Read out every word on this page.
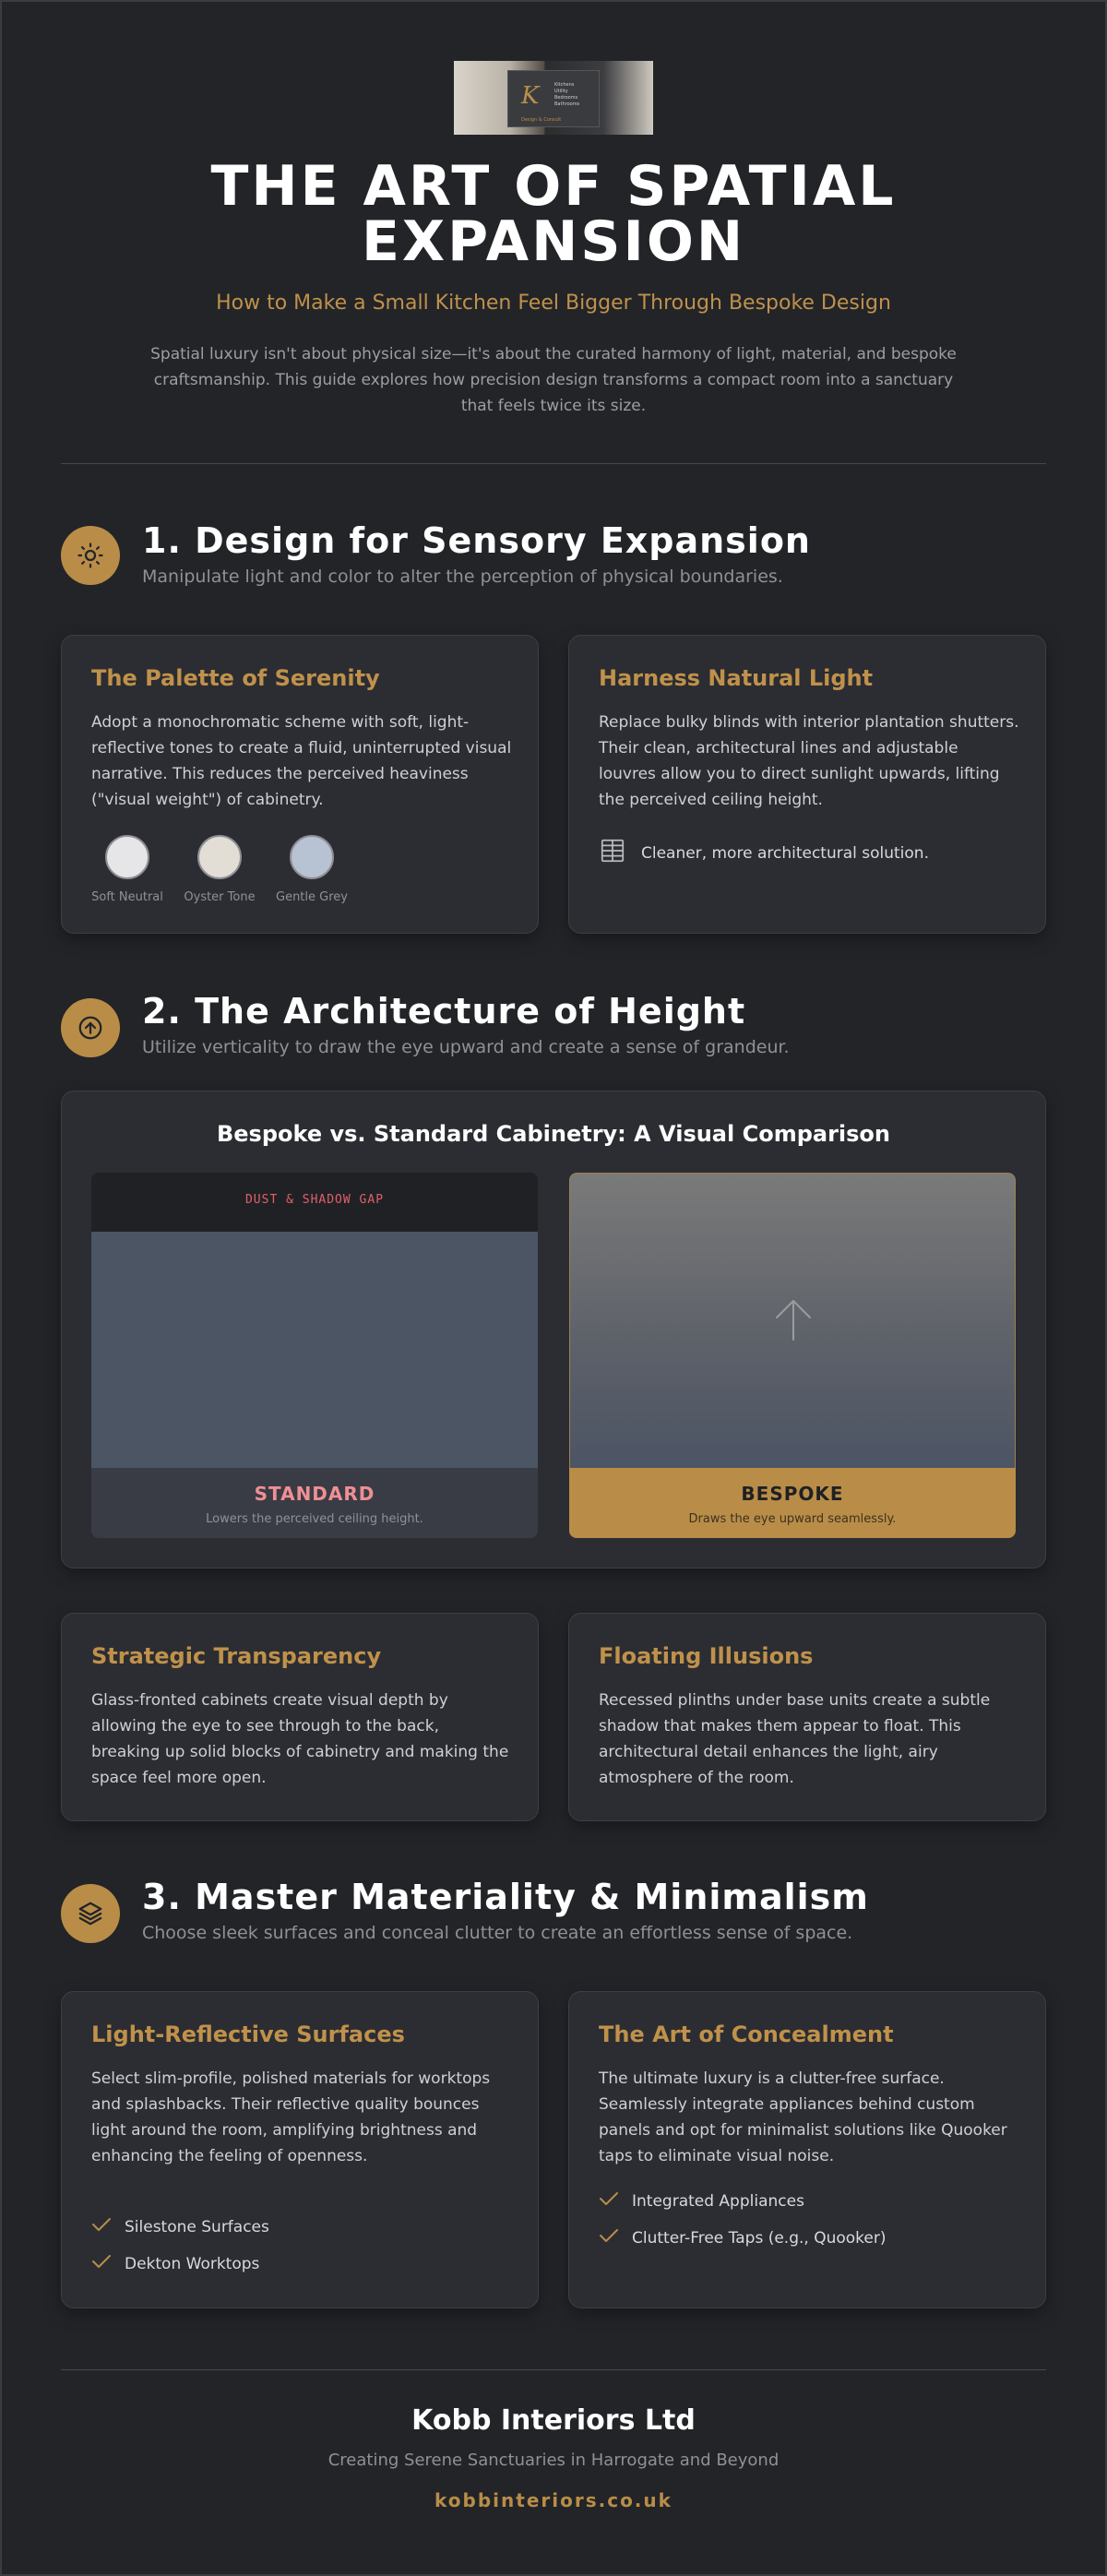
K	Kitchens
Utility
Bedrooms
Bathrooms
Design & Consult
THE ART OF SPATIAL
EXPANSION
How to Make a Small Kitchen Feel Bigger Through Bespoke Design
Spatial luxury isn't about physical size—it's about the curated harmony of light, material, and bespoke craftsmanship. This guide explores how precision design transforms a compact room into a sanctuary that feels twice its size.
1. Design for Sensory Expansion
Manipulate light and color to alter the perception of physical boundaries.
The Palette of Serenity
Adopt a monochromatic scheme with soft, light-reflective tones to create a fluid, uninterrupted visual narrative. This reduces the perceived heaviness ("visual weight") of cabinetry.
Soft Neutral	Oyster Tone	Gentle Grey
Harness Natural Light
Replace bulky blinds with interior plantation shutters. Their clean, architectural lines and adjustable louvres allow you to direct sunlight upwards, lifting the perceived ceiling height.
Cleaner, more architectural solution.
2. The Architecture of Height
Utilize verticality to draw the eye upward and create a sense of grandeur.
Bespoke vs. Standard Cabinetry: A Visual Comparison
DUST & SHADOW GAP
STANDARD
Lowers the perceived ceiling height.
BESPOKE
Draws the eye upward seamlessly.
Strategic Transparency
Glass-fronted cabinets create visual depth by allowing the eye to see through to the back, breaking up solid blocks of cabinetry and making the space feel more open.
Floating Illusions
Recessed plinths under base units create a subtle shadow that makes them appear to float. This architectural detail enhances the light, airy atmosphere of the room.
3. Master Materiality & Minimalism
Choose sleek surfaces and conceal clutter to create an effortless sense of space.
Light-Reflective Surfaces
Select slim-profile, polished materials for worktops and splashbacks. Their reflective quality bounces light around the room, amplifying brightness and enhancing the feeling of openness.
Silestone Surfaces
Dekton Worktops
The Art of Concealment
The ultimate luxury is a clutter-free surface. Seamlessly integrate appliances behind custom panels and opt for minimalist solutions like Quooker taps to eliminate visual noise.
Integrated Appliances
Clutter-Free Taps (e.g., Quooker)
Kobb Interiors Ltd
Creating Serene Sanctuaries in Harrogate and Beyond
kobbinteriors.co.uk
